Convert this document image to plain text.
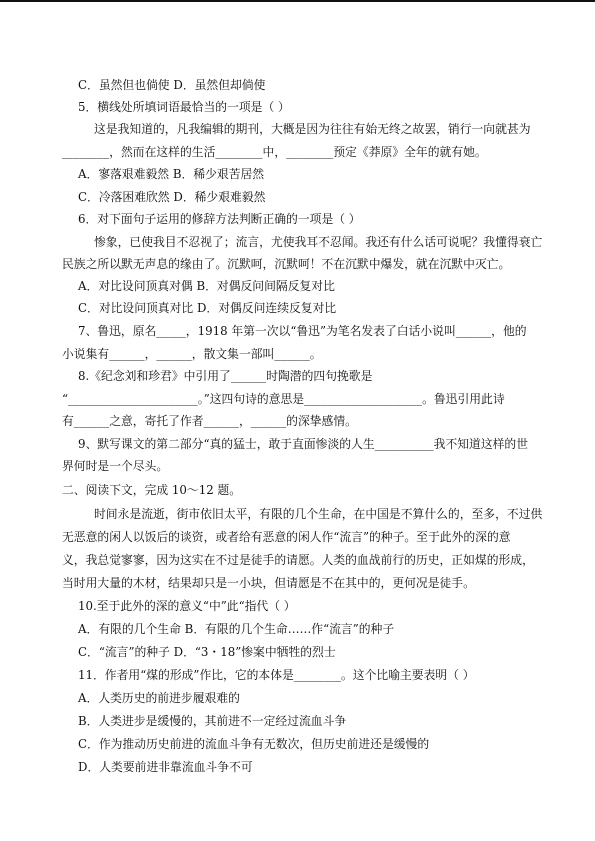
C．虽然但也倘使 D．虽然但却倘使
5．横线处所填词语最恰当的一项是（ ）
这是我知道的，凡我编辑的期刊，大概是因为往往有始无终之故罢，销行一向就甚为
________，然而在这样的生活________中，________预定《莽原》全年的就有她。
A．寥落艰难毅然 B．稀少艰苦居然
C．冷落困难欣然 D．稀少艰难毅然
6．对下面句子运用的修辞方法判断正确的一项是（ ）
惨象，已使我目不忍视了；流言，尤使我耳不忍闻。我还有什么话可说呢？我懂得衰亡
民族之所以默无声息的缘由了。沉默呵，沉默呵！不在沉默中爆发，就在沉默中灭亡。
A．对比设问顶真对偶 B．对偶反问间隔反复对比
C．对比设问顶真对比 D．对偶反问连续反复对比
7、鲁迅，原名_____，1918 年第一次以“鲁迅”为笔名发表了白话小说叫______，他的
小说集有______，______，散文集一部叫______。
8.《纪念刘和珍君》中引用了______时陶潜的四句挽歌是
“______________________。”这四句诗的意思是____________________。鲁迅引用此诗
有______之意，寄托了作者______，______的深挚感情。
9、默写课文的第二部分“真的猛士，敢于直面惨淡的人生__________我不知道这样的世
界何时是一个尽头。
二、阅读下文，完成 10～12 题。
时间永是流逝，街市依旧太平，有限的几个生命，在中国是不算什么的，至多，不过供
无恶意的闲人以饭后的谈资，或者给有恶意的闲人作“流言”的种子。至于此外的深的意
义，我总觉寥寥，因为这实在不过是徒手的请愿。人类的血战前行的历史，正如煤的形成，
当时用大量的木材，结果却只是一小块，但请愿是不在其中的，更何况是徒手。
10.至于此外的深的意义“中”此“指代（ ）
A．有限的几个生命 B．有限的几个生命……作“流言”的种子
C．“流言”的种子 D．“3・18”惨案中牺牲的烈士
11．作者用“煤的形成”作比，它的本体是________。这个比喻主要表明（ ）
A．人类历史的前进步履艰难的
B．人类进步是缓慢的，其前进不一定经过流血斗争
C．作为推动历史前进的流血斗争有无数次，但历史前进还是缓慢的
D．人类要前进非靠流血斗争不可
